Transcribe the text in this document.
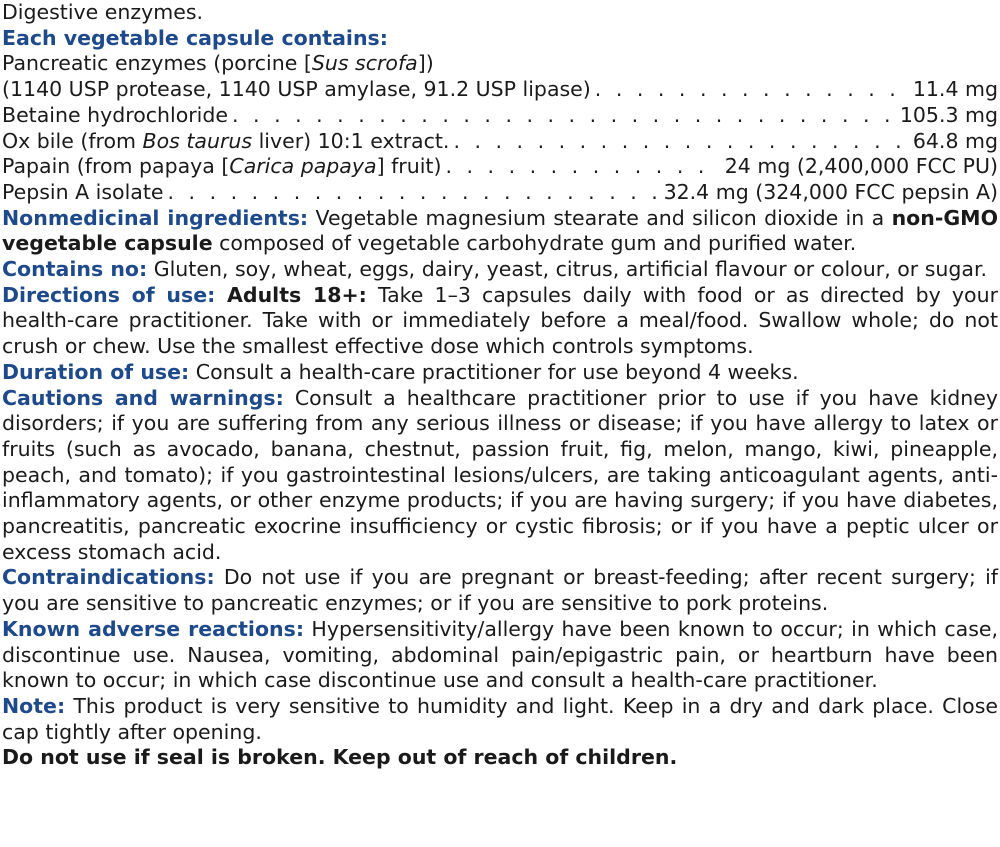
Digestive enzymes.
Each vegetable capsule contains:
Pancreatic enzymes (porcine [Sus scrofa])
(1140 USP protease, 1140 USP amylase, 91.2 USP lipase) . . .	11.4 mg
Betaine hydrochloride . . .	105.3 mg
Ox bile (from Bos taurus liver) 10:1 extract. . . .	64.8 mg
Papain (from papaya [Carica papaya] fruit) . . .	24 mg (2,400,000 FCC PU)
Pepsin A isolate . . .	32.4 mg (324,000 FCC pepsin A)
Nonmedicinal ingredients: Vegetable magnesium stearate and silicon dioxide in a non-GMO vegetable capsule composed of vegetable carbohydrate gum and purified water.
Contains no: Gluten, soy, wheat, eggs, dairy, yeast, citrus, artificial flavour or colour, or sugar.
Directions of use: Adults 18+: Take 1–3 capsules daily with food or as directed by your health-care practitioner. Take with or immediately before a meal/food. Swallow whole; do not crush or chew. Use the smallest effective dose which controls symptoms.
Duration of use: Consult a health-care practitioner for use beyond 4 weeks.
Cautions and warnings: Consult a healthcare practitioner prior to use if you have kidney disorders; if you are suffering from any serious illness or disease; if you have allergy to latex or fruits (such as avocado, banana, chestnut, passion fruit, fig, melon, mango, kiwi, pineapple, peach, and tomato); if you gastrointestinal lesions/ulcers, are taking anticoagulant agents, anti-inflammatory agents, or other enzyme products; if you are having surgery; if you have diabetes, pancreatitis, pancreatic exocrine insufficiency or cystic fibrosis; or if you have a peptic ulcer or excess stomach acid.
Contraindications: Do not use if you are pregnant or breast-feeding; after recent surgery; if you are sensitive to pancreatic enzymes; or if you are sensitive to pork proteins.
Known adverse reactions: Hypersensitivity/allergy have been known to occur; in which case, discontinue use. Nausea, vomiting, abdominal pain/epigastric pain, or heartburn have been known to occur; in which case discontinue use and consult a health-care practitioner.
Note: This product is very sensitive to humidity and light. Keep in a dry and dark place. Close cap tightly after opening.
Do not use if seal is broken. Keep out of reach of children.
